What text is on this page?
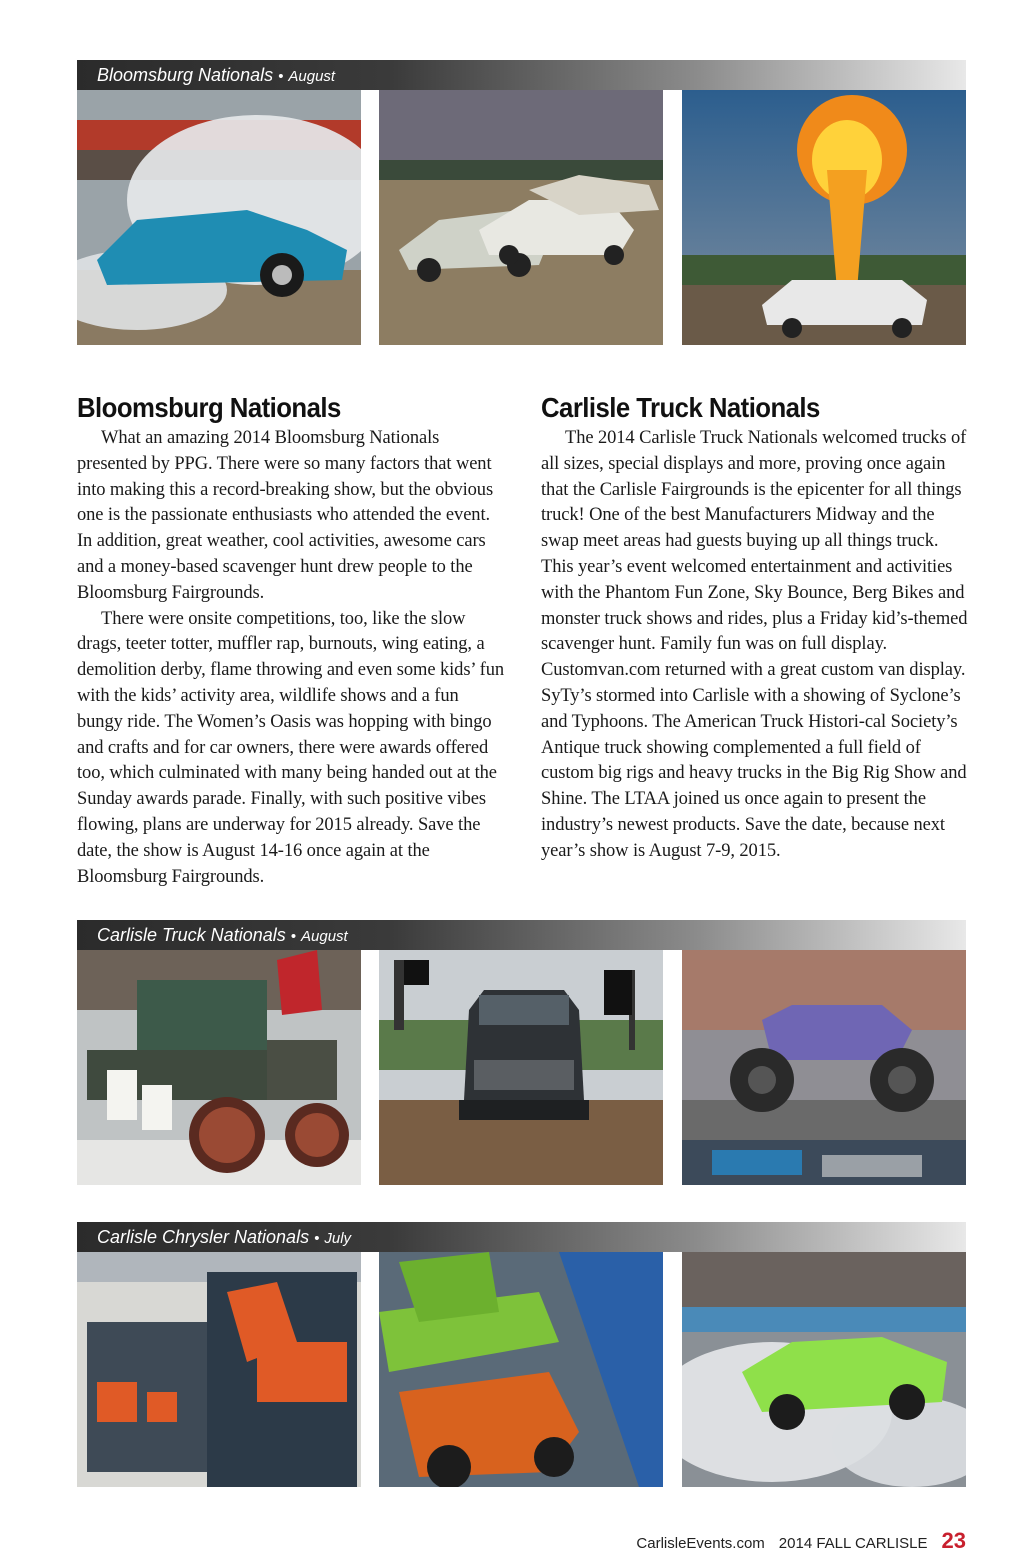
Bloomsburg Nationals • August
Bloomsburg Nationals

What an amazing 2014 Bloomsburg Nationals presented by PPG. There were so many factors that went into making this a record-breaking show, but the obvious one is the passionate enthusiasts who attended the event. In addition, great weather, cool activities, awesome cars and a money-based scavenger hunt drew people to the Bloomsburg Fairgrounds.

There were onsite competitions, too, like the slow drags, teeter totter, muffler rap, burnouts, wing eating, a demolition derby, flame throwing and even some kids’ fun with the kids’ activity area, wildlife shows and a fun bungy ride. The Women’s Oasis was hopping with bingo and crafts and for car owners, there were awards offered too, which culminated with many being handed out at the Sunday awards parade. Finally, with such positive vibes flowing, plans are underway for 2015 already. Save the date, the show is August 14-16 once again at the Bloomsburg Fairgrounds.

Carlisle Truck Nationals

The 2014 Carlisle Truck Nationals welcomed trucks of all sizes, special displays and more, proving once again that the Carlisle Fairgrounds is the epicenter for all things truck! One of the best Manufacturers Midway and the swap meet areas had guests buying up all things truck. This year’s event welcomed entertainment and activities with the Phantom Fun Zone, Sky Bounce, Berg Bikes and monster truck shows and rides, plus a Friday kid’s-themed scavenger hunt. Family fun was on full display. Customvan.com returned with a great custom van display. SyTy’s stormed into Carlisle with a showing of Syclone’s and Typhoons. The American Truck Histori-cal Society’s Antique truck showing complemented a full field of custom big rigs and heavy trucks in the Big Rig Show and Shine. The LTAA joined us once again to present the industry’s newest products. Save the date, because next year’s show is August 7-9, 2015.

Carlisle Truck Nationals • August
Carlisle Chrysler Nationals • July
CarlisleEvents.com 2014 FALL CARLISLE 23
